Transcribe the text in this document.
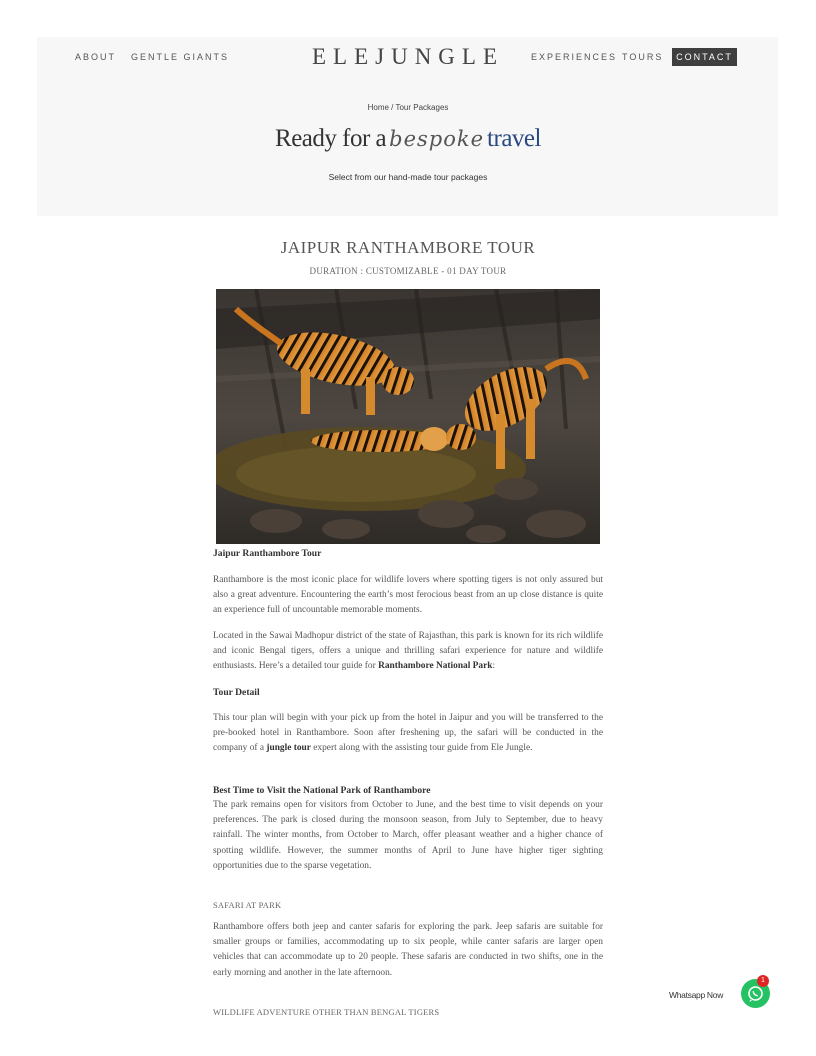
ABOUT GENTLE GIANTS	ELEJUNGLE	EXPERIENCES TOURS	CONTACT
Home / Tour Packages
Ready for a bespoke travel
Select from our hand-made tour packages
JAIPUR RANTHAMBORE TOUR
DURATION : CUSTOMIZABLE - 01 DAY TOUR
Jaipur Ranthambore Tour
Ranthambore is the most iconic place for wildlife lovers where spotting tigers is not only assured but also a great adventure. Encountering the earth’s most ferocious beast from an up close distance is quite an experience full of uncountable memorable moments.
Located in the Sawai Madhopur district of the state of Rajasthan, this park is known for its rich wildlife and iconic Bengal tigers, offers a unique and thrilling safari experience for nature and wildlife enthusiasts. Here’s a detailed tour guide for Ranthambore National Park:
Tour Detail
This tour plan will begin with your pick up from the hotel in Jaipur and you will be transferred to the pre-booked hotel in Ranthambore. Soon after freshening up, the safari will be conducted in the company of a jungle tour expert along with the assisting tour guide from Ele Jungle.
Best Time to Visit the National Park of Ranthambore
The park remains open for visitors from October to June, and the best time to visit depends on your preferences. The park is closed during the monsoon season, from July to September, due to heavy rainfall. The winter months, from October to March, offer pleasant weather and a higher chance of spotting wildlife. However, the summer months of April to June have higher tiger sighting opportunities due to the sparse vegetation.
SAFARI AT PARK
Ranthambore offers both jeep and canter safaris for exploring the park. Jeep safaris are suitable for smaller groups or families, accommodating up to six people, while canter safaris are larger open vehicles that can accommodate up to 20 people. These safaris are conducted in two shifts, one in the early morning and another in the late afternoon.
WILDLIFE ADVENTURE OTHER THAN BENGAL TIGERS
Whatsapp Now
1
